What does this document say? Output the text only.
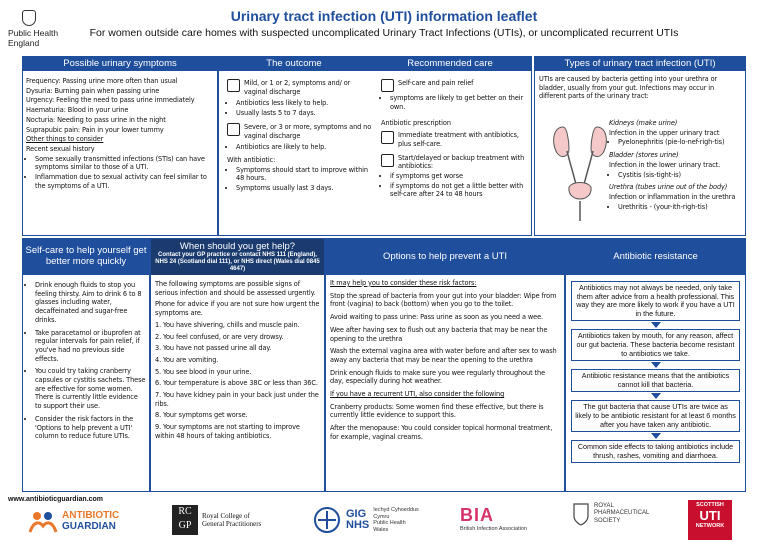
Public Health
England
Urinary tract infection (UTI) information leaflet
For women outside care homes with suspected uncomplicated Urinary Tract Infections (UTIs), or uncomplicated recurrent UTIs
Possible urinary symptoms

Frequency: Passing urine more often than usual

Dysuria: Burning pain when passing urine

Urgency: Feeling the need to pass urine immediately

Haematuria: Blood in your urine

Nocturia: Needing to pass urine in the night

Suprapubic pain: Pain in your lower tummy

Other things to consider

Recent sexual history

• Some sexually transmitted infections (STIs) can have symptoms similar to those of a UTI.
• Inflammation due to sexual activity can feel similar to the symptoms of a UTI.
The outcome	Recommended care
Mild, or 1 or 2, symptoms and/ or vaginal discharge
• Antibiotics less likely to help.
• Usually lasts 5 to 7 days.
Severe, or 3 or more, symptoms and no vaginal discharge
• Antibiotics are likely to help.

With antibiotic:

• Symptoms should start to improve within 48 hours.
• Symptoms usually last 3 days.
Self-care and pain relief
• symptoms are likely to get better on their own.

Antibiotic prescription

Immediate treatment with antibiotics, plus self-care.
Start/delayed or backup treatment with antibiotics:
• if symptoms get worse
• if symptoms do not get a little better with self-care after 24 to 48 hours
Types of urinary tract infection (UTI)

UTIs are caused by bacteria getting into your urethra or bladder, usually from your gut. Infections may occur in different parts of the urinary tract:

Kidneys (make urine)

Infection in the upper urinary tract

• Pyelonephritis (pie-lo-nef-righ-tis)

Bladder (stores urine)

Infection in the lower urinary tract.

• Cystitis (sis-tight-is)

Urethra (tubes urine out of the body)

Infection or inflammation in the urethra

• Urethritis - (your-ith-righ-tis)
Self-care to help yourself get better more quickly
• Drink enough fluids to stop you feeling thirsty. Aim to drink 6 to 8 glasses including water, decaffeinated and sugar-free drinks.
• Take paracetamol or ibuprofen at regular intervals for pain relief, if you've had no previous side effects.
• You could try taking cranberry capsules or cystitis sachets. These are effective for some women. There is currently little evidence to support their use.
• Consider the risk factors in the 'Options to help prevent a UTI' column to reduce future UTIs.
When should you get help?
Contact your GP practice or contact NHS 111 (England), NHS 24 (Scotland dial 111), or NHS direct (Wales dial 0845 4647)

The following symptoms are possible signs of serious infection and should be assessed urgently.

Phone for advice if you are not sure how urgent the symptoms are.

1. You have shivering, chills and muscle pain.

2. You feel confused, or are very drowsy.

3. You have not passed urine all day.

4. You are vomiting.

5. You see blood in your urine.

6. Your temperature is above 38C or less than 36C.

7. You have kidney pain in your back just under the ribs.

8. Your symptoms get worse.

9. Your symptoms are not starting to improve within 48 hours of taking antibiotics.

Options to help prevent a UTI

It may help you to consider these risk factors:

Stop the spread of bacteria from your gut into your bladder: Wipe from front (vagina) to back (bottom) when you go to the toilet.

Avoid waiting to pass urine: Pass urine as soon as you need a wee.

Wee after having sex to flush out any bacteria that may be near the opening to the urethra

Wash the external vagina area with water before and after sex to wash away any bacteria that may be near the opening to the urethra

Drink enough fluids to make sure you wee regularly throughout the day, especially during hot weather.

If you have a recurrent UTI, also consider the following

Cranberry products: Some women find these effective, but there is currently little evidence to support this.

After the menopause: You could consider topical hormonal treatment, for example, vaginal creams.

Antibiotic resistance
Antibiotics may not always be needed, only take them after advice from a health professional. This way they are more likely to work if you have a UTI in the future.
Antibiotics taken by mouth, for any reason, affect our gut bacteria. These bacteria become resistant to antibiotics we take.
Antibiotic resistance means that the antibiotics cannot kill that bacteria.
The gut bacteria that cause UTIs are twice as likely to be antibiotic resistant for at least 6 months after you have taken any antibiotic.
Common side effects to taking antibiotics include thrush, rashes, vomiting and diarrhoea.
www.antibioticguardian.com
ANTIBIOTIC
GUARDIAN
RC
GP
Royal College of
General Practitioners
GIG
NHS
Iechyd Cyhoeddus
Cymru
Public Health
Wales
BIA
British Infection Association
ROYAL
PHARMACEUTICAL
SOCIETY
SCOTTISH
UTI
NETWORK
